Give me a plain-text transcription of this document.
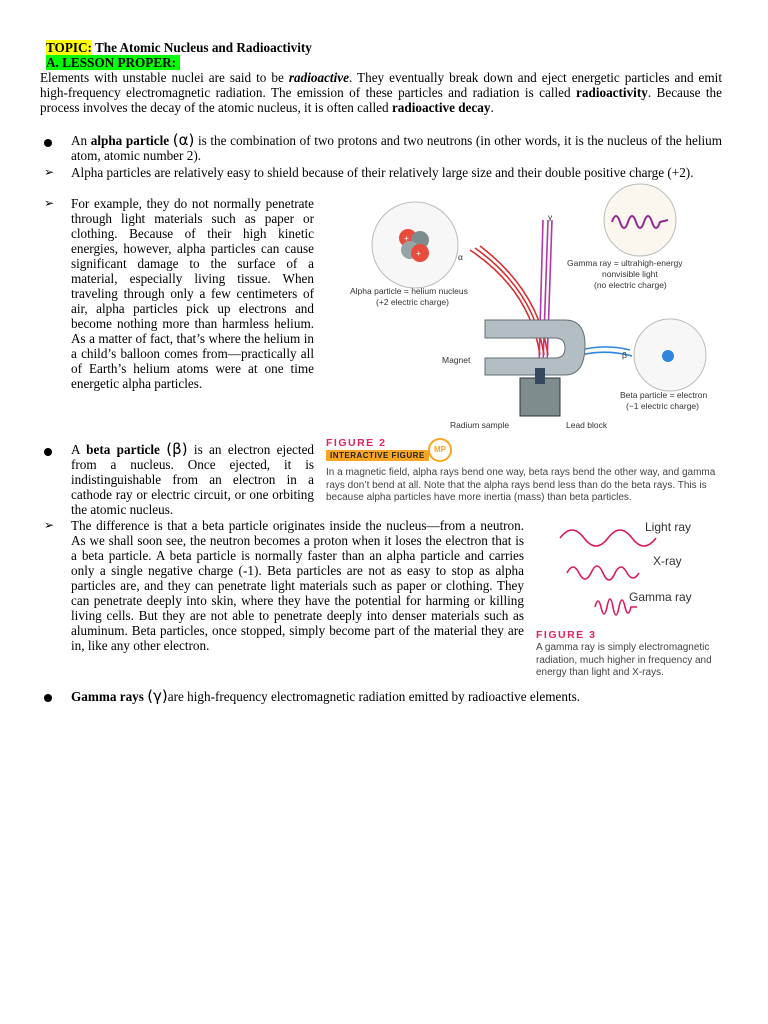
TOPIC: The Atomic Nucleus and Radioactivity
A. LESSON PROPER:
Elements with unstable nuclei are said to be radioactive. They eventually break down and eject energetic particles and emit high-frequency electromagnetic radiation. The emission of these particles and radiation is called radioactivity. Because the process involves the decay of the atomic nucleus, it is often called radioactive decay.
An alpha particle (α) is the combination of two protons and two neutrons (in other words, it is the nucleus of the helium atom, atomic number 2).
➢ Alpha particles are relatively easy to shield because of their relatively large size and their double positive charge (+2).
➢ For example, they do not normally penetrate through light materials such as paper or clothing. Because of their high kinetic energies, however, alpha particles can cause significant damage to the surface of a material, especially living tissue. When traveling through only a few centimeters of air, alpha particles pick up electrons and become nothing more than harmless helium. As a matter of fact, that’s where the helium in a child’s balloon comes from—practically all of Earth’s helium atoms were at one time energetic alpha particles.
+
+
Alpha particle = helium nucleus
(+2 electric charge)
Gamma ray = ultrahigh-energy
nonvisible light
(no electric charge)
Beta particle = electron
(−1 electric charge)
γ
α
β
Magnet
Radium sample	Lead block
FIGURE 2
INTERACTIVE FIGURE
MP
In a magnetic field, alpha rays bend one way, beta rays bend the other way, and gamma rays don’t bend at all. Note that the alpha rays bend less than do the beta rays. This is because alpha particles have more inertia (mass) than beta particles.
A beta particle (β) is an electron ejected from a nucleus. Once ejected, it is indistinguishable from an electron in a cathode ray or electric circuit, or one orbiting the atomic nucleus.
➢ The difference is that a beta particle originates inside the nucleus—from a neutron. As we shall soon see, the neutron becomes a proton when it loses the electron that is a beta particle. A beta particle is normally faster than an alpha particle and carries only a single negative charge (-1). Beta particles are not as easy to stop as alpha particles are, and they can penetrate light materials such as paper or clothing. They can penetrate deeply into skin, where they have the potential for harming or killing living cells. But they are not able to penetrate deeply into denser materials such as aluminum. Beta particles, once stopped, simply become part of the material they are in, like any other electron.
Light ray
X-ray
Gamma ray
FIGURE 3
A gamma ray is simply electromagnetic radiation, much higher in frequency and energy than light and X-rays.
Gamma rays (γ)are high-frequency electromagnetic radiation emitted by radioactive elements.
